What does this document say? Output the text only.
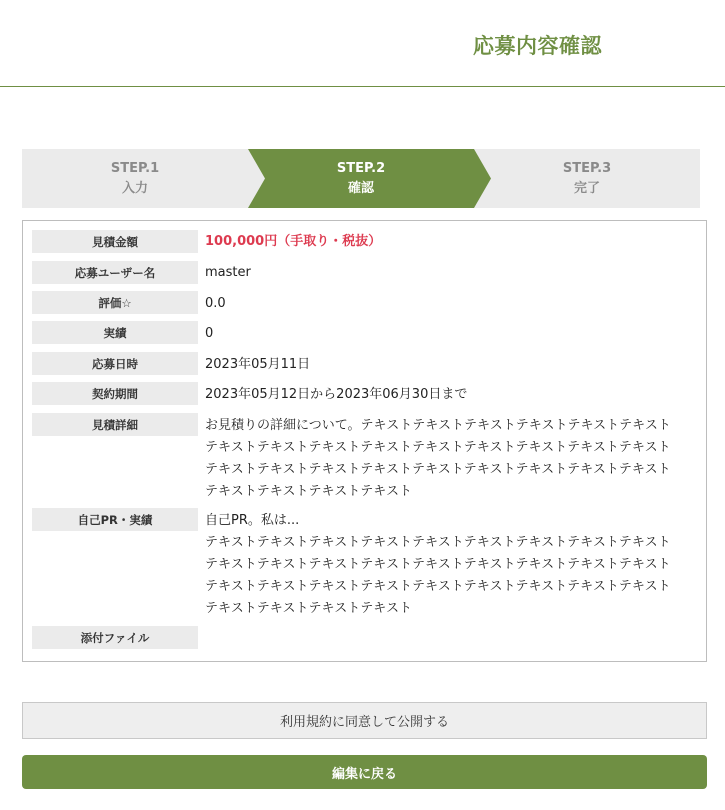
応募内容確認
STEP.1
入力
STEP.2
確認
STEP.3
完了
見積金額	100,000円（手取り・税抜）
応募ユーザー名	master
評価☆	0.0
実績	0
応募日時	2023年05月11日
契約期間	2023年05月12日から2023年06月30日まで
見積詳細	お見積りの詳細について。テキストテキストテキストテキストテキストテキスト
テキストテキストテキストテキストテキストテキストテキストテキストテキスト
テキストテキストテキストテキストテキストテキストテキストテキストテキスト
テキストテキストテキストテキスト
自己PR・実績	自己PR。私は...
テキストテキストテキストテキストテキストテキストテキストテキストテキスト
テキストテキストテキストテキストテキストテキストテキストテキストテキスト
テキストテキストテキストテキストテキストテキストテキストテキストテキスト
テキストテキストテキストテキスト
添付ファイル
利用規約に同意して公開する
編集に戻る
